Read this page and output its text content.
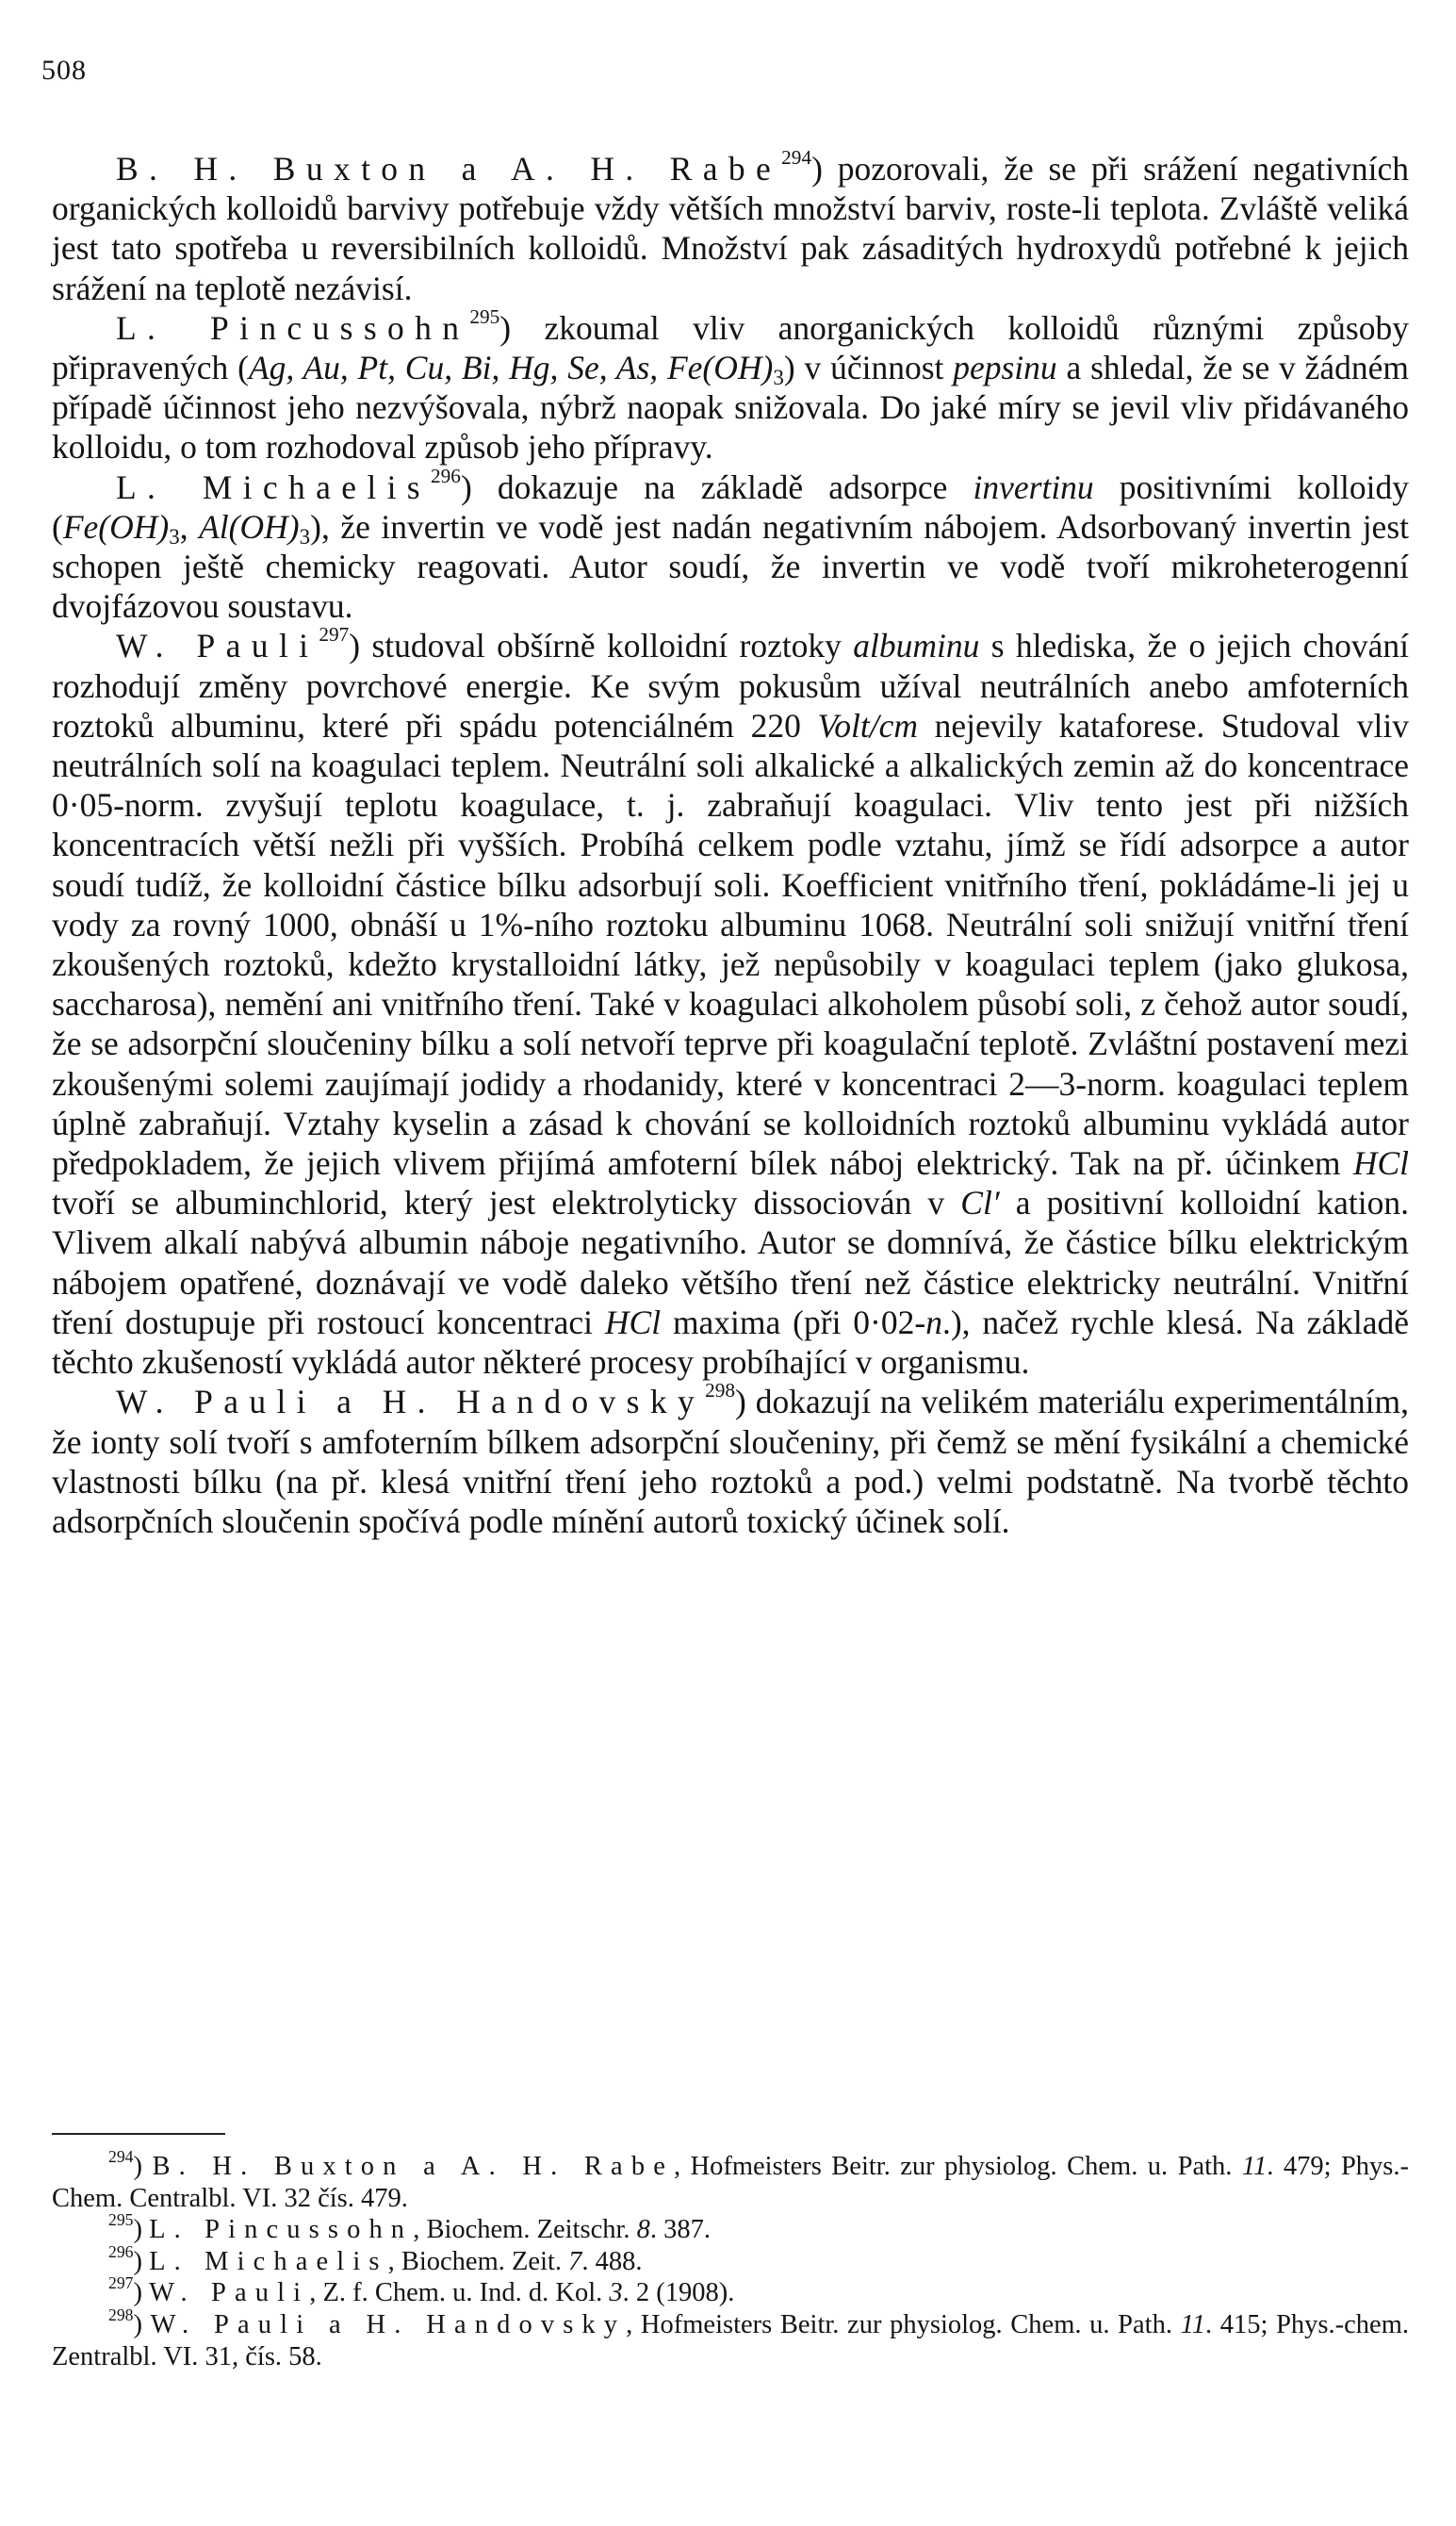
508

B. H. Buxton a A. H. Rabe$^{294}$) pozorovali, že se při srážení negativních organických kolloidů barvivy potřebuje vždy větších množství barviv, roste-li teplota. Zvláště veliká jest tato spotřeba u reversibilních kolloidů. Množství pak zásaditých hydroxydů potřebné k jejich srážení na teplotě nezávisí.

L. Pincussohn$^{295}$) zkoumal vliv anorganických kolloidů různými způsoby připravených (Ag, Au, Pt, Cu, Bi, Hg, Se, As, $Fe(OH)_3$) v účinnost pepsinu a shledal, že se v žádném případě účinnost jeho nezvýšovala, nýbrž naopak snižovala. Do jaké míry se jevil vliv přidávaného kolloidu, o tom rozhodoval způsob jeho přípravy.

L. Michaelis$^{296}$) dokazuje na základě adsorpce invertinu positivními kolloidy ($Fe(OH)_3$, $Al(OH)_3$), že invertin ve vodě jest nadán negativním nábojem. Adsorbovaný invertin jest schopen ještě chemicky reagovati. Autor soudí, že invertin ve vodě tvoří mikroheterogenní dvojfázovou soustavu.

W. Pauli$^{297}$) studoval obšírně kolloidní roztoky albuminu s hlediska, že o jejich chování rozhodují změny povrchové energie. Ke svým pokusům užíval neutrálních anebo amfoterních roztoků albuminu, které při spádu potenciálném 220 Volt/cm nejevily kataforese. Studoval vliv neutrálních solí na koagulaci teplem. Neutrální soli alkalické a alkalických zemin až do koncentrace 0·05-norm. zvyšují teplotu koagulace, t. j. zabraňují koagulaci. Vliv tento jest při nižších koncentracích větší nežli při vyšších. Probíhá celkem podle vztahu, jímž se řídí adsorpce a autor soudí tudíž, že kolloidní částice bílku adsorbují soli. Koefficient vnitřního tření, pokládáme-li jej u vody za rovný 1000, obnáší u 1%-ního roztoku albuminu 1068. Neutrální soli snižují vnitřní tření zkoušených roztoků, kdežto krystalloidní látky, jež nepůsobily v koagulaci teplem (jako glukosa, saccharosa), nemění ani vnitřního tření. Také v koagulaci alkoholem působí soli, z čehož autor soudí, že se adsorpční sloučeniny bílku a solí netvoří teprve při koagulační teplotě. Zvláštní postavení mezi zkoušenými solemi zaujímají jodidy a rhodanidy, které v koncentraci 2—3-norm. koagulaci teplem úplně zabraňují. Vztahy kyselin a zásad k chování se kolloidních roztoků albuminu vykládá autor předpokladem, že jejich vlivem přijímá amfoterní bílek náboj elektrický. Tak na př. účinkem HCl tvoří se albuminchlorid, který jest elektrolyticky dissociován v Cl′ a positivní kolloidní kation. Vlivem alkalí nabývá albumin náboje negativního. Autor se domnívá, že částice bílku elektrickým nábojem opatřené, doznávají ve vodě daleko většího tření než částice elektricky neutrální. Vnitřní tření dostupuje při rostoucí koncentraci HCl maxima (při 0·02-n.), načež rychle klesá. Na základě těchto zkušeností vykládá autor některé procesy probíhající v organismu.

W. Pauli a H. Handovsky$^{298}$) dokazují na velikém materiálu experimentálním, že ionty solí tvoří s amfoterním bílkem adsorpční sloučeniny, při čemž se mění fysikální a chemické vlastnosti bílku (na př. klesá vnitřní tření jeho roztoků a pod.) velmi podstatně. Na tvorbě těchto adsorpčních sloučenin spočívá podle mínění autorů toxický účinek solí.

$^{294}$) B. H. Buxton a A. H. Rabe, Hofmeisters Beitr. zur physiolog. Chem. u. Path. 11. 479; Phys.-Chem. Centralbl. VI. 32 čís. 479.

$^{295}$) L. Pincussohn, Biochem. Zeitschr. 8. 387.

$^{296}$) L. Michaelis, Biochem. Zeit. 7. 488.

$^{297}$) W. Pauli, Z. f. Chem. u. Ind. d. Kol. 3. 2 (1908).

$^{298}$) W. Pauli a H. Handovsky, Hofmeisters Beitr. zur physiolog. Chem. u. Path. 11. 415; Phys.-chem. Zentralbl. VI. 31, čís. 58.
